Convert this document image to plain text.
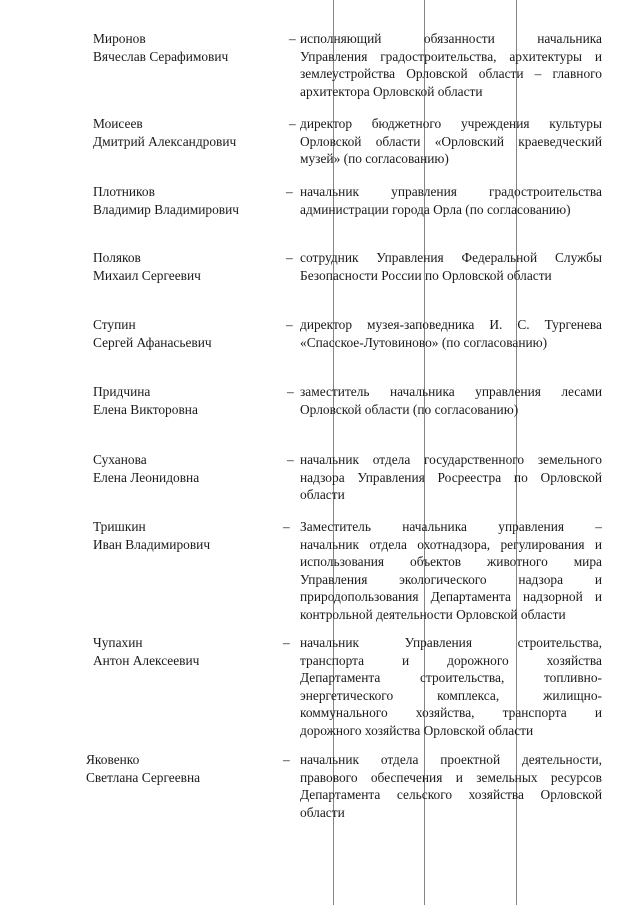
Миронов
Вячеслав Серафимович
– исполняющий обязанности начальника
Управления градостроительства, архитектуры и
землеустройства Орловской области – главного
архитектора Орловской области
Моисеев
Дмитрий Александрович
– директор бюджетного учреждения культуры
Орловской области «Орловский краеведческий
музей» (по согласованию)
Плотников
Владимир Владимирович
– начальник управления градостроительства
администрации города Орла (по согласованию)
Поляков
Михаил Сергеевич
– сотрудник Управления Федеральной Службы
Безопасности России по Орловской области
Ступин
Сергей Афанасьевич
– директор музея-заповедника И. С. Тургенева
«Спасское-Лутовиново» (по согласованию)
Придчина
Елена Викторовна
– заместитель начальника управления лесами
Орловской области (по согласованию)
Суханова
Елена Леонидовна
– начальник отдела государственного земельного
надзора Управления Росреестра по Орловской
области
Тришкин
Иван Владимирович
– Заместитель начальника управления –
начальник отдела охотнадзора, регулирования и
использования объектов животного мира
Управления экологического надзора и
природопользования Департамента надзорной и
контрольной деятельности Орловской области
Чупахин
Антон Алексеевич
– начальник Управления строительства,
транспорта и дорожного хозяйства
Департамента строительства, топливно-
энергетического комплекса, жилищно-
коммунального хозяйства, транспорта и
дорожного хозяйства Орловской области
Яковенко
Светлана Сергеевна
– начальник отдела проектной деятельности,
правового обеспечения и земельных ресурсов
Департамента сельского хозяйства Орловской
области
